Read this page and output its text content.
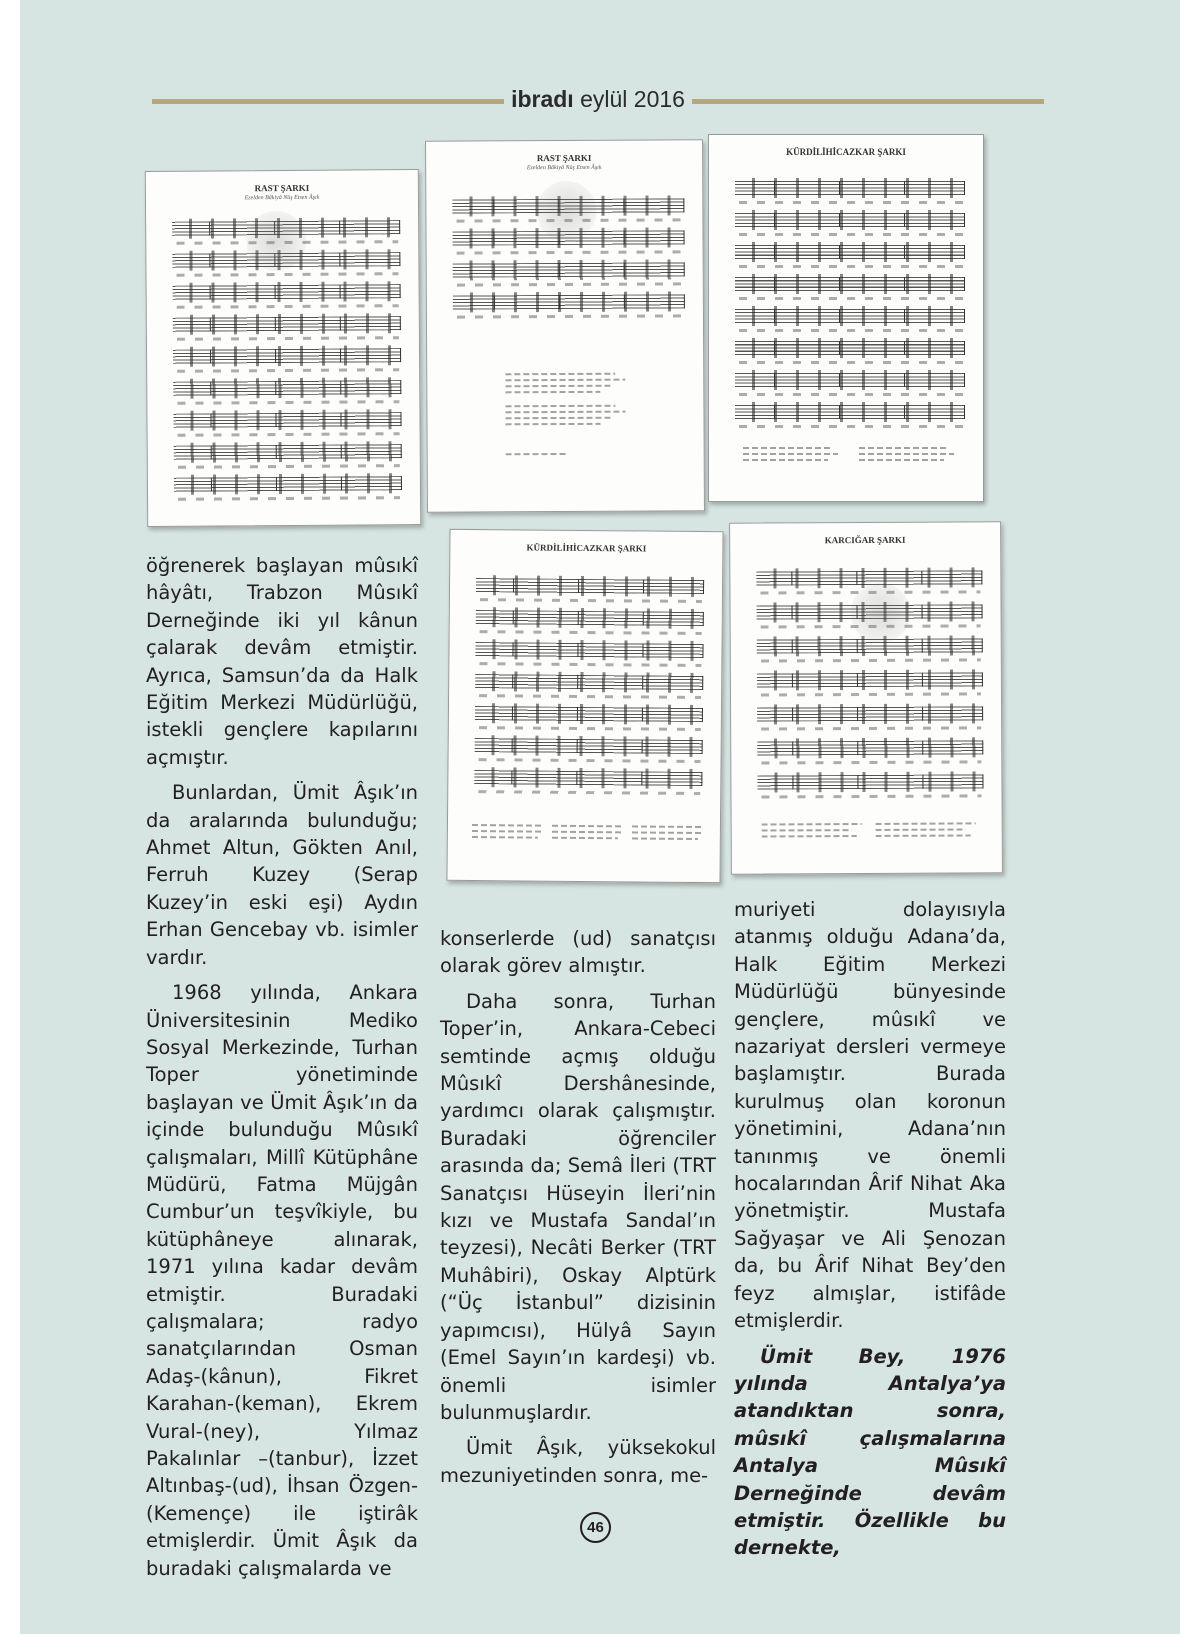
ibradı eylül 2016
RAST ŞARKI
Ezelden Bâkiyâ Nûş Etsen Âşık
RAST ŞARKI
Ezelden Bâkiyâ Nûş Etsen Âşık
KÜRDİLİHİCAZKAR ŞARKI
KÜRDİLİHİCAZKAR ŞARKI
KARCIĞAR ŞARKI

öğrenerek başlayan mûsıkî hâyâtı, Trabzon Mûsıkî Derneğinde iki yıl kânun çalarak devâm etmiştir. Ayrıca, Samsun’da da Halk Eğitim Merkezi Müdürlüğü, istekli gençlere kapılarını açmıştır.

Bunlardan, Ümit Âşık’ın da aralarında bulunduğu; Ahmet Altun, Gökten Anıl, Ferruh Kuzey (Serap Kuzey’in eski eşi) Aydın Erhan Gencebay vb. isimler vardır.

1968 yılında, Ankara Üniversitesinin Mediko Sosyal Merkezinde, Turhan Toper yönetiminde başlayan ve Ümit Âşık’ın da içinde bulunduğu Mûsıkî çalışmaları, Millî Kütüphâne Müdürü, Fatma Müjgân Cumbur’un teşvîkiyle, bu kütüphâneye alınarak, 1971 yılına kadar devâm etmiştir. Buradaki çalışmalara; radyo sanatçılarından Osman Adaş-(kânun), Fikret Karahan-(keman), Ekrem Vural-(ney), Yılmaz Pakalınlar –(tanbur), İzzet Altınbaş-(ud), İhsan Özgen- (Kemençe) ile iştirâk etmişlerdir. Ümit Âşık da buradaki çalışmalarda ve

konserlerde (ud) sanatçısı olarak görev almıştır.

Daha sonra, Turhan Toper’in, Ankara-Cebeci semtinde açmış olduğu Mûsıkî Dershânesinde, yardımcı olarak çalışmıştır. Buradaki öğrenciler arasında da; Semâ İleri (TRT Sanatçısı Hüseyin İleri’nin kızı ve Mustafa Sandal’ın teyzesi), Necâti Berker (TRT Muhâbiri), Oskay Alptürk (“Üç İstanbul” dizisinin yapımcısı), Hülyâ Sayın (Emel Sayın’ın kardeşi) vb. önemli isimler bulunmuşlardır.

Ümit Âşık, yüksekokul mezuniyetinden sonra, me-

muriyeti dolayısıyla atanmış olduğu Adana’da, Halk Eğitim Merkezi Müdürlüğü bünyesinde gençlere, mûsıkî ve nazariyat dersleri vermeye başlamıştır. Burada kurulmuş olan koronun yönetimini, Adana’nın tanınmış ve önemli hocalarından Ârif Nihat Aka yönetmiştir. Mustafa Sağyaşar ve Ali Şenozan da, bu Ârif Nihat Bey’den feyz almışlar, istifâde etmişlerdir.

Ümit Bey, 1976 yılında Antalya’ya atandıktan sonra, mûsıkî çalışmalarına Antalya Mûsıkî Derneğinde devâm etmiştir. Özellikle bu dernekte,

46
